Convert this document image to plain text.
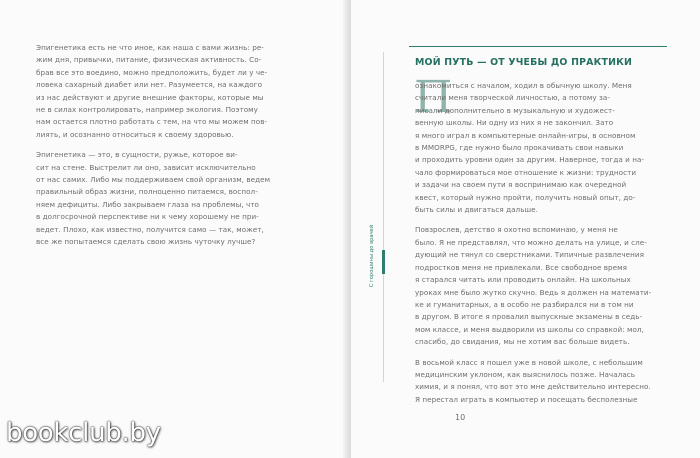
Эпигенетика есть не что иное, как наша с вами жизнь: ре-

жим дня, привычки, питание, физическая активность. Со-

брав все это воедино, можно предположить, будет ли у че-

ловека сахарный диабет или нет. Разумеется, на каждого

из нас действуют и другие внешние факторы, которые мы

не в силах контролировать, например экология. Поэтому

нам остается плотно работать с тем, на что мы можем пов-

лиять, и осознанно относиться к своему здоровью.

Эпигенетика — это, в сущности, ружье, которое ви-

сит на стене. Выстрелит ли оно, зависит исключительно

от нас самих. Либо мы поддерживаем свой организм, ведем

правильный образ жизни, полноценно питаемся, воспол-

няем дефициты. Либо закрываем глаза на проблемы, что

в долгосрочной перспективе ни к чему хорошему не при-

ведет. Плохо, как известно, получится само — так, может,

все же попытаемся сделать свою жизнь чуточку лучше?

МОЙ ПУТЬ — ОТ УЧЕБЫ ДО ПРАКТИКИ
С горошины до врачей
П

ознакомиться с началом, ходил в обычную школу. Меня

считали меня творческой личностью, а потому за-

писали дополнительно в музыкальную и художест-

венную школы. Ни одну из них я не закончил. Зато

я много играл в компьютерные онлайн-игры, в основном

в MMORPG, где нужно было прокачивать свои навыки

и проходить уровни один за другим. Наверное, тогда и на-

чало формироваться мое отношение к жизни: трудности

и задачи на своем пути я воспринимаю как очередной

квест, который нужно пройти, получить новый опыт, до-

быть силы и двигаться дальше.

Повзрослев, детство я охотно вспоминаю, у меня не

было. Я не представлял, что можно делать на улице, и сле-

дующий не тянул со сверстниками. Типичные развлечения

подростков меня не привлекали. Все свободное время

я старался читать или проводить онлайн. На школьных

уроках мне было жутко скучно. Ведь я должен на математи-

ке и гуманитарных, а в особо не разбирался ни в том ни

в другом. В итоге я провалил выпускные экзамены в седь-

мом классе, и меня выдворили из школы со справкой: мол,

спасибо, до свидания, мы не хотим вас больше видеть.

В восьмой класс я пошел уже в новой школе, с небольшим

медицинским уклоном, как выяснилось позже. Началась

химия, и я понял, что вот это мне действительно интересно.

Я перестал играть в компьютер и посещать бесполезные

10
bookclub.by
